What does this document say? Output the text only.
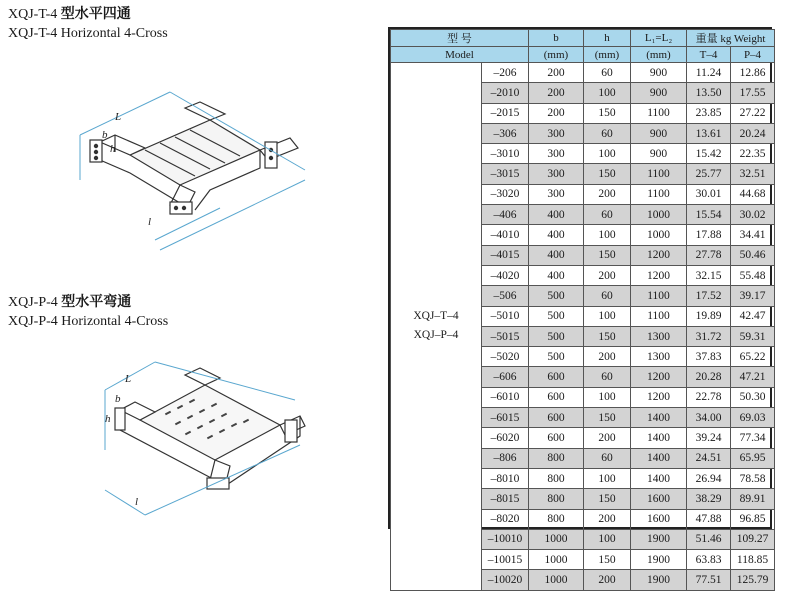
XQJ-T-4 型水平四通
XQJ-T-4 Horizontal 4-Cross
XQJ-P-4 型水平弯通
XQJ-P-4 Horizontal 4-Cross
L
b
h
l
L
b
h
l
型 号		b	h	L₁=L₂	重量 kg Weight	
Model		(mm)	(mm)	(mm)	T–4	P–4

XQJ–T–4
XQJ–P–4	–206	200	60	900	11.24	12.86
	–2010	200	100	900	13.50	17.55
	–2015	200	150	1100	23.85	27.22
	–306	300	60	900	13.61	20.24
	–3010	300	100	900	15.42	22.35
	–3015	300	150	1100	25.77	32.51
	–3020	300	200	1100	30.01	44.68
	–406	400	60	1000	15.54	30.02
	–4010	400	100	1000	17.88	34.41
	–4015	400	150	1200	27.78	50.46
	–4020	400	200	1200	32.15	55.48
	–506	500	60	1100	17.52	39.17
	–5010	500	100	1100	19.89	42.47
	–5015	500	150	1300	31.72	59.31
	–5020	500	200	1300	37.83	65.22
	–606	600	60	1200	20.28	47.21
	–6010	600	100	1200	22.78	50.30
	–6015	600	150	1400	34.00	69.03
	–6020	600	200	1400	39.24	77.34
	–806	800	60	1400	24.51	65.95
	–8010	800	100	1400	26.94	78.58
	–8015	800	150	1600	38.29	89.91
	–8020	800	200	1600	47.88	96.85
	–10010	1000	100	1900	51.46	109.27
	–10015	1000	150	1900	63.83	118.85
	–10020	1000	200	1900	77.51	125.79
